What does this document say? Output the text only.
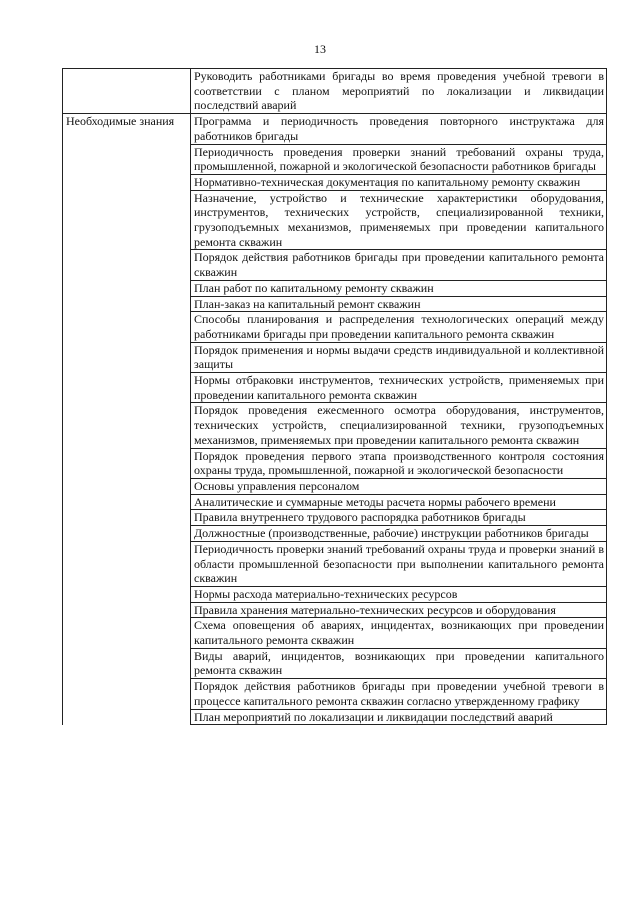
13
	Руководить работниками бригады во время проведения учебной тревоги в соответствии с планом мероприятий по локализации и ликвидации последствий аварий
Необходимые знания	Программа и периодичность проведения повторного инструктажа для работников бригады
	Периодичность проведения проверки знаний требований охраны труда, промышленной, пожарной и экологической безопасности работников бригады
	Нормативно-техническая документация по капитальному ремонту скважин
	Назначение, устройство и технические характеристики оборудования, инструментов, технических устройств, специализированной техники, грузоподъемных механизмов, применяемых при проведении капитального ремонта скважин
	Порядок действия работников бригады при проведении капитального ремонта скважин
	План работ по капитальному ремонту скважин
	План-заказ на капитальный ремонт скважин
	Способы планирования и распределения технологических операций между работниками бригады при проведении капитального ремонта скважин
	Порядок применения и нормы выдачи средств индивидуальной и коллективной защиты
	Нормы отбраковки инструментов, технических устройств, применяемых при проведении капитального ремонта скважин
	Порядок проведения ежесменного осмотра оборудования, инструментов, технических устройств, специализированной техники, грузоподъемных механизмов, применяемых при проведении капитального ремонта скважин
	Порядок проведения первого этапа производственного контроля состояния охраны труда, промышленной, пожарной и экологической безопасности
	Основы управления персоналом
	Аналитические и суммарные методы расчета нормы рабочего времени
	Правила внутреннего трудового распорядка работников бригады
	Должностные (производственные, рабочие) инструкции работников бригады
	Периодичность проверки знаний требований охраны труда и проверки знаний в области промышленной безопасности при выполнении капитального ремонта скважин
	Нормы расхода материально-технических ресурсов
	Правила хранения материально-технических ресурсов и оборудования
	Схема оповещения об авариях, инцидентах, возникающих при проведении капитального ремонта скважин
	Виды аварий, инцидентов, возникающих при проведении капитального ремонта скважин
	Порядок действия работников бригады при проведении учебной тревоги в процессе капитального ремонта скважин согласно утвержденному графику
	План мероприятий по локализации и ликвидации последствий аварий
